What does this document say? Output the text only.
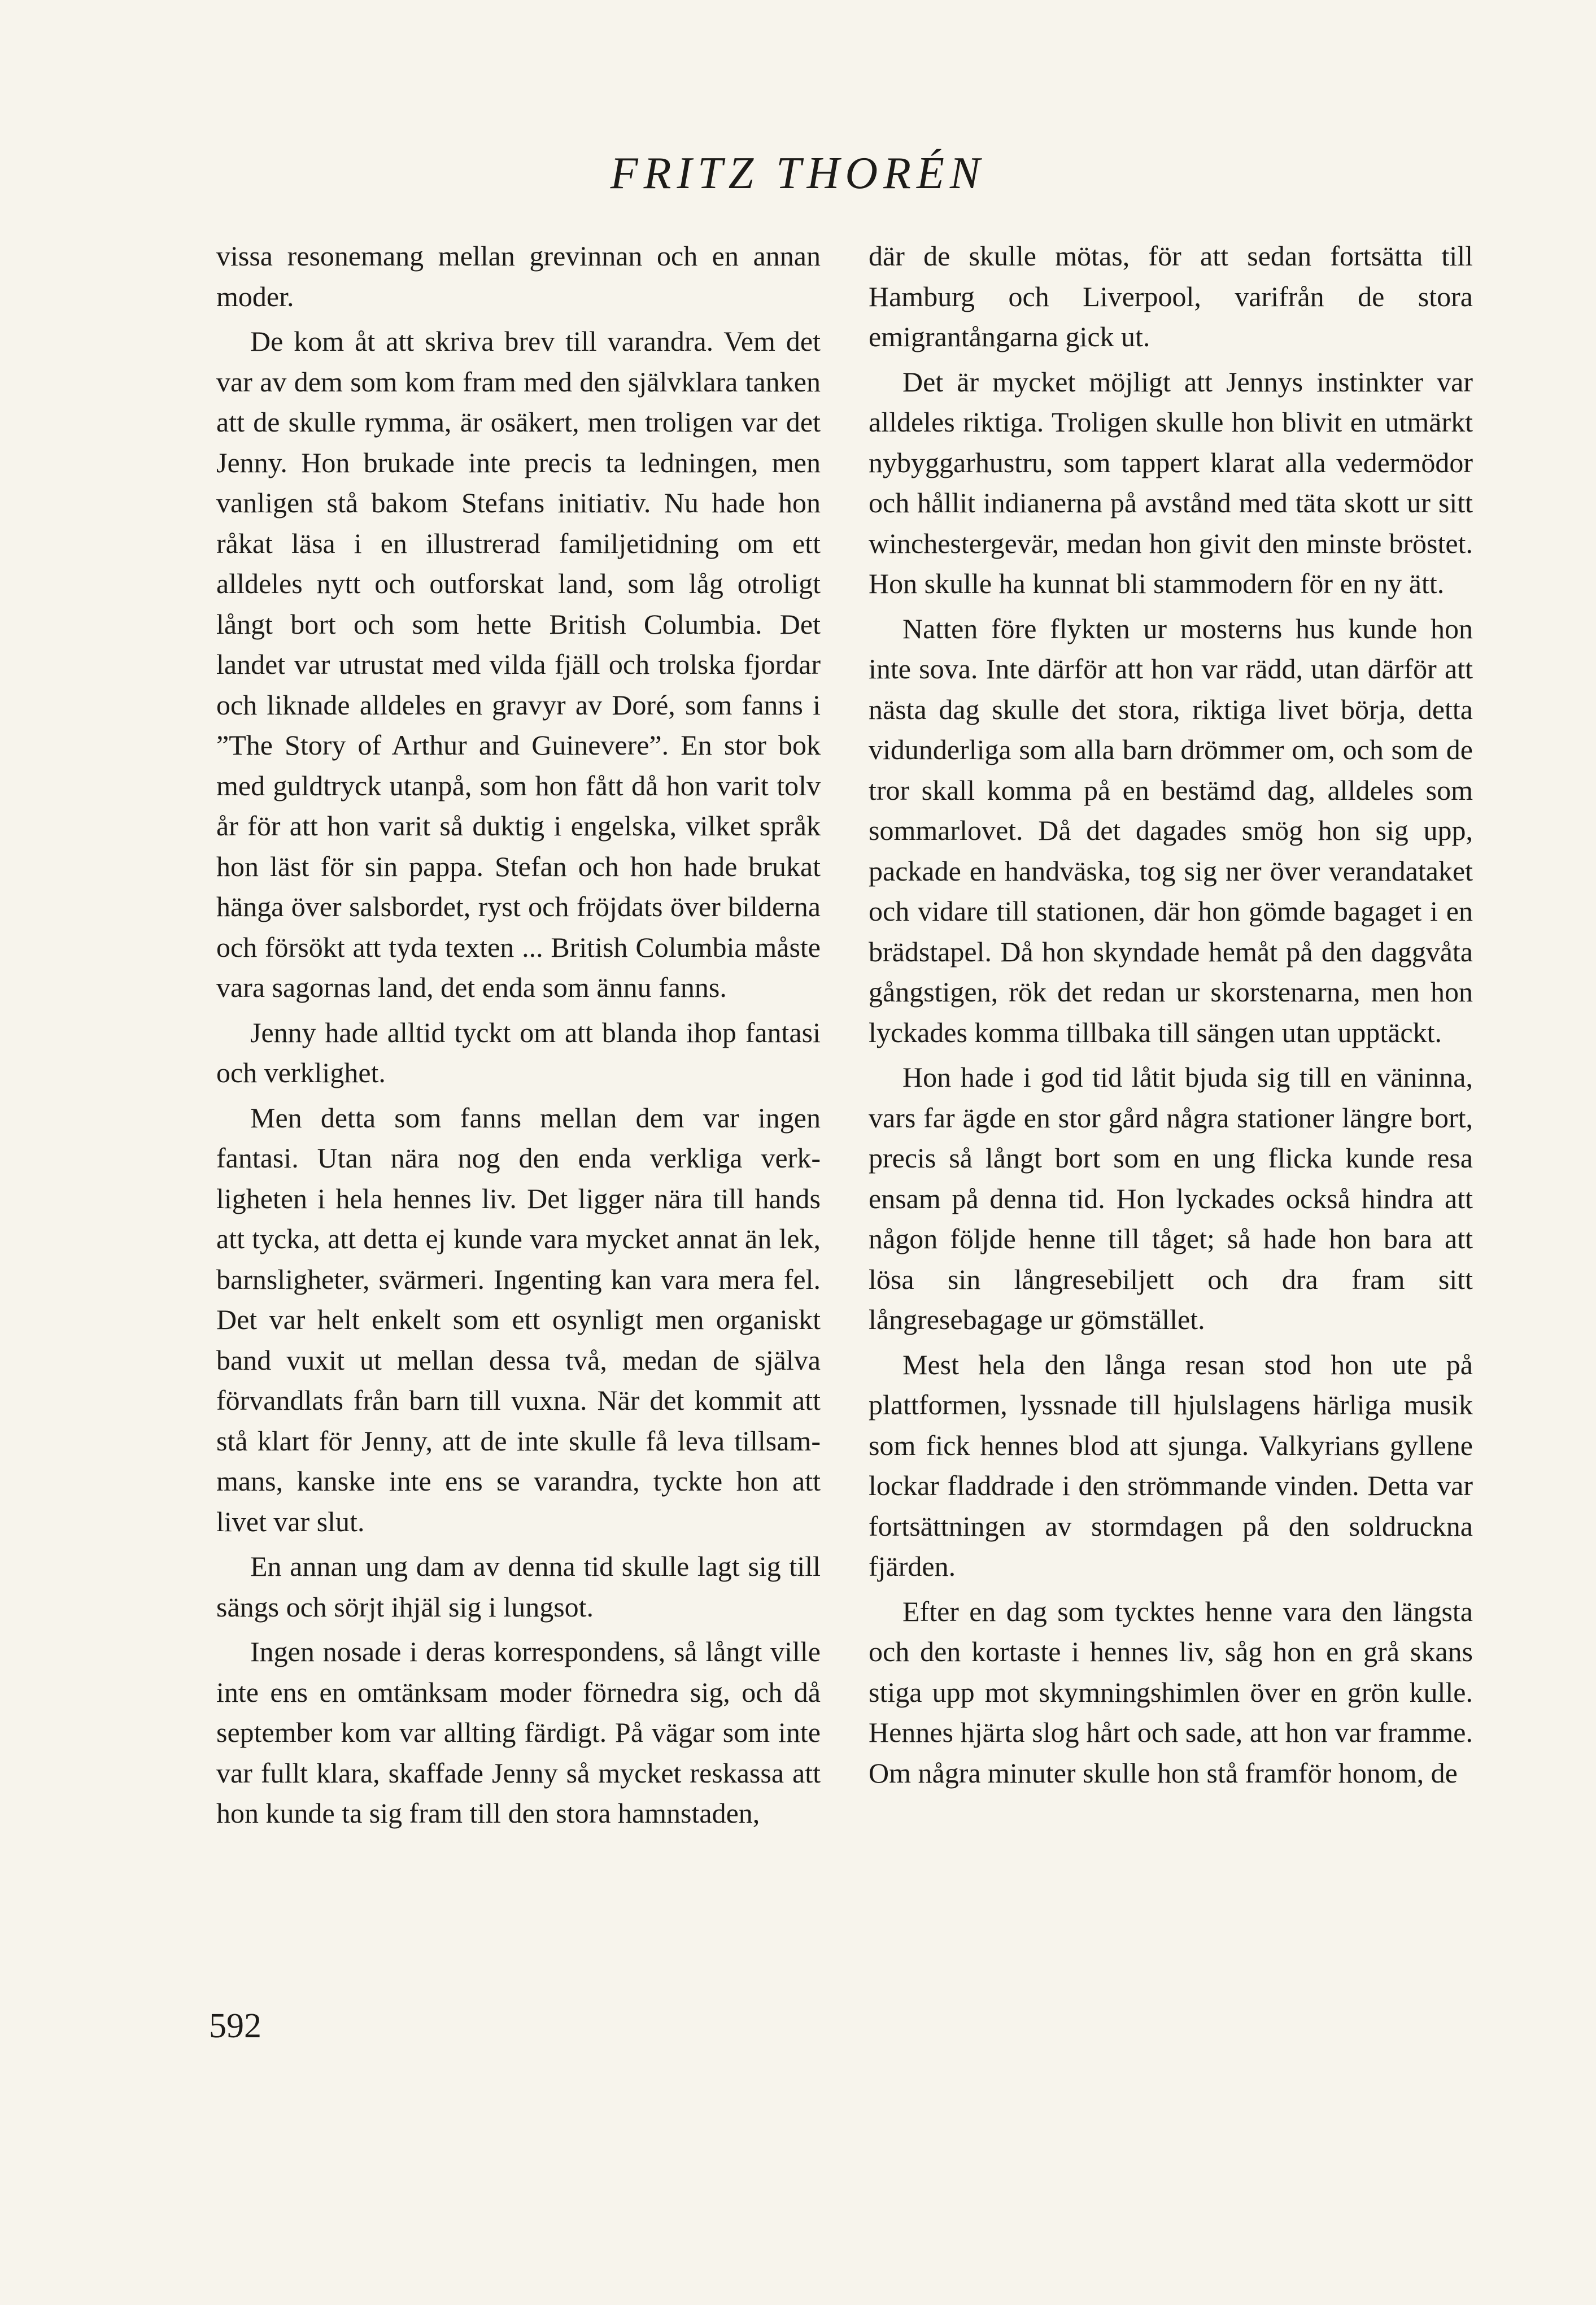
FRITZ THORÉN

vissa resonemang mellan grevinnan och en annan moder.

De kom åt att skriva brev till varandra. Vem det var av dem som kom fram med den självklara tanken att de skulle rymma, är osäkert, men troligen var det Jenny. Hon brukade inte precis ta ledningen, men vanligen stå bakom Stefans initiativ. Nu hade hon råkat läsa i en illustrerad familjetidning om ett alldeles nytt och outforskat land, som låg otroligt långt bort och som hette British Columbia. Det landet var utrustat med vilda fjäll och trolska fjordar och liknade alldeles en gravyr av Doré, som fanns i ”The Story of Arthur and Guinevere”. En stor bok med guldtryck utanpå, som hon fått då hon varit tolv år för att hon varit så duktig i engelska, vilket språk hon läst för sin pappa. Stefan och hon hade brukat hänga över salsbordet, ryst och fröjdats över bilderna och försökt att tyda texten ... British Columbia måste vara sagornas land, det enda som ännu fanns.

Jenny hade alltid tyckt om att blanda ihop fantasi och verklighet.

Men detta som fanns mellan dem var ingen fantasi. Utan nära nog den enda verkliga verkligheten i hela hennes liv. Det ligger nära till hands att tycka, att detta ej kunde vara mycket annat än lek, barnsligheter, svärmeri. Ingenting kan vara mera fel. Det var helt enkelt som ett osynligt men organiskt band vuxit ut mellan dessa två, medan de själva förvandlats från barn till vuxna. När det kommit att stå klart för Jenny, att de inte skulle få leva tillsammans, kanske inte ens se varandra, tyckte hon att livet var slut.

En annan ung dam av denna tid skulle lagt sig till sängs och sörjt ihjäl sig i lungsot.

Ingen nosade i deras korrespondens, så långt ville inte ens en omtänksam moder förnedra sig, och då september kom var allting färdigt. På vägar som inte var fullt klara, skaffade Jenny så mycket reskassa att hon kunde ta sig fram till den stora hamnstaden,

där de skulle mötas, för att sedan fortsätta till Hamburg och Liverpool, varifrån de stora emigrantångarna gick ut.

Det är mycket möjligt att Jennys instinkter var alldeles riktiga. Troligen skulle hon blivit en utmärkt nybyggarhustru, som tappert klarat alla vedermödor och hållit indianerna på avstånd med täta skott ur sitt winchestergevär, medan hon givit den minste bröstet. Hon skulle ha kunnat bli stammodern för en ny ätt.

Natten före flykten ur mosterns hus kunde hon inte sova. Inte därför att hon var rädd, utan därför att nästa dag skulle det stora, riktiga livet börja, detta vidunderliga som alla barn drömmer om, och som de tror skall komma på en bestämd dag, alldeles som sommarlovet. Då det dagades smög hon sig upp, packade en handväska, tog sig ner över verandataket och vidare till stationen, där hon gömde bagaget i en brädstapel. Då hon skyndade hemåt på den daggvåta gångstigen, rök det redan ur skorstenarna, men hon lyckades komma tillbaka till sängen utan upptäckt.

Hon hade i god tid låtit bjuda sig till en väninna, vars far ägde en stor gård några stationer längre bort, precis så långt bort som en ung flicka kunde resa ensam på denna tid. Hon lyckades också hindra att någon följde henne till tåget; så hade hon bara att lösa sin långresebiljett och dra fram sitt långresebagage ur gömstället.

Mest hela den långa resan stod hon ute på plattformen, lyssnade till hjulslagens härliga musik som fick hennes blod att sjunga. Valkyrians gyllene lockar fladdrade i den strömmande vinden. Detta var fortsättningen av stormdagen på den soldruckna fjärden.

Efter en dag som tycktes henne vara den längsta och den kortaste i hennes liv, såg hon en grå skans stiga upp mot skymningshimlen över en grön kulle. Hennes hjärta slog hårt och sade, att hon var framme. Om några minuter skulle hon stå framför honom, de

592
